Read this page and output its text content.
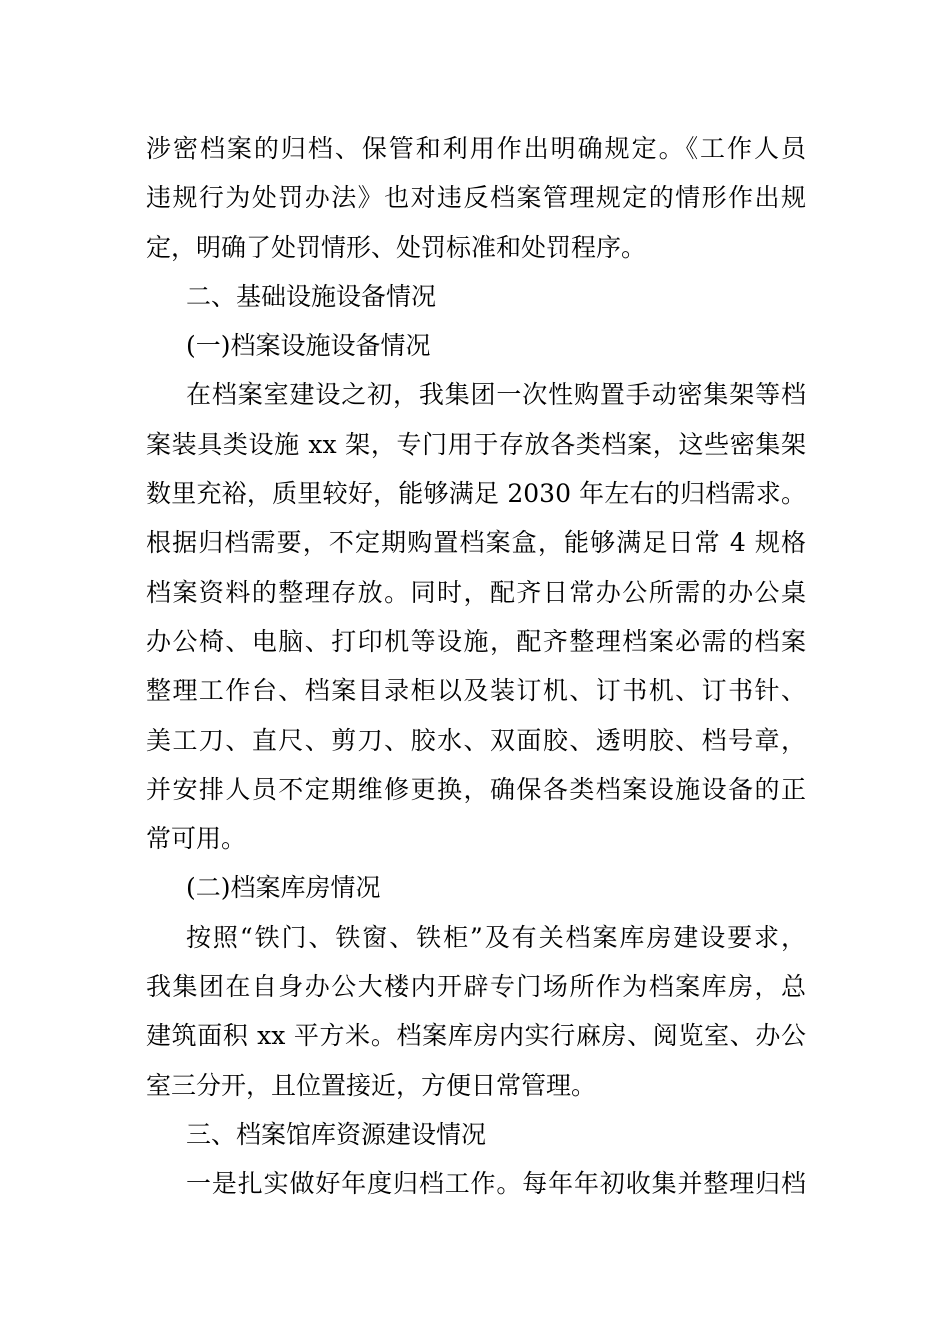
涉密档案的归档、保管和利用作出明确规定。《工作人员
违规行为处罚办法》也对违反档案管理规定的情形作出规
定，明确了处罚情形、处罚标准和处罚程序。
二、基础设施设备情况
(一)档案设施设备情况
在档案室建设之初，我集团一次性购置手动密集架等档
案装具类设施 xx 架，专门用于存放各类档案，这些密集架
数里充裕，质里较好，能够满足 2030 年左右的归档需求。
根据归档需要，不定期购置档案盒，能够满足日常 4 规格
档案资料的整理存放。同时，配齐日常办公所需的办公桌
办公椅、电脑、打印机等设施，配齐整理档案必需的档案
整理工作台、档案目录柜以及装订机、订书机、订书针、
美工刀、直尺、剪刀、胶水、双面胶、透明胶、档号章，
并安排人员不定期维修更换，确保各类档案设施设备的正
常可用。
(二)档案库房情况
按照“铁门、铁窗、铁柜”及有关档案库房建设要求，
我集团在自身办公大楼内开辟专门场所作为档案库房，总
建筑面积 xx 平方米。档案库房内实行麻房、阅览室、办公
室三分开，且位置接近，方便日常管理。
三、档案馆库资源建设情况
一是扎实做好年度归档工作。每年年初收集并整理归档
